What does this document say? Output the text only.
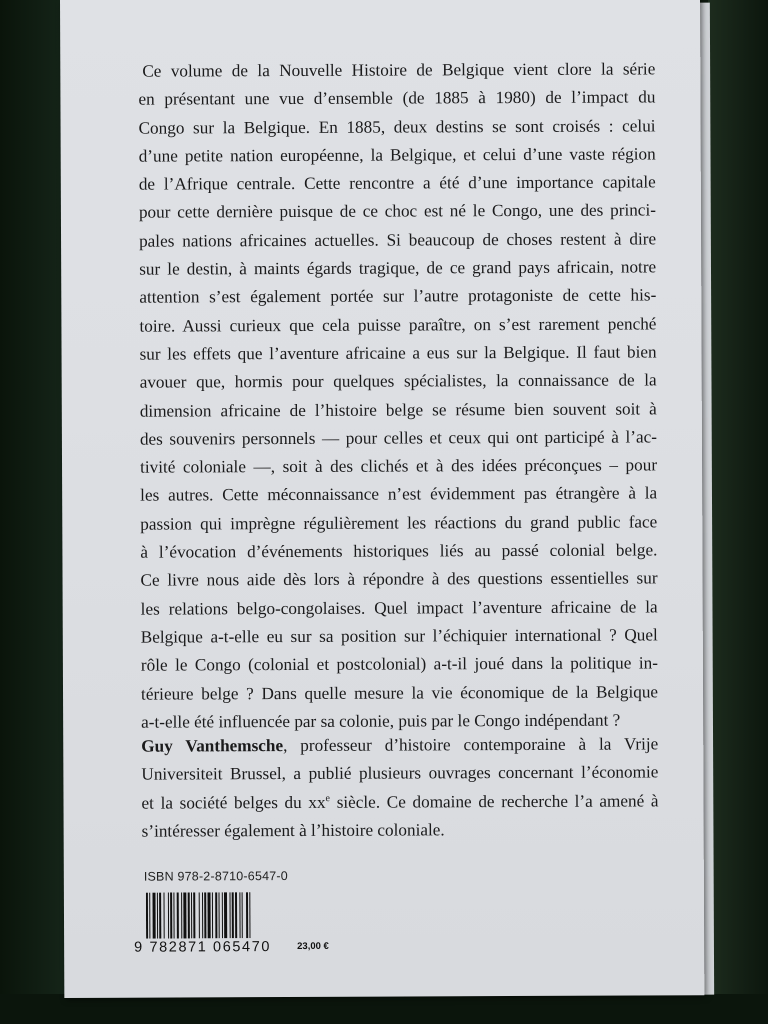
Ce volume de la Nouvelle Histoire de Belgique vient clore la série
en présentant une vue d’ensemble (de 1885 à 1980) de l’impact du
Congo sur la Belgique. En 1885, deux destins se sont croisés : celui
d’une petite nation européenne, la Belgique, et celui d’une vaste région
de l’Afrique centrale. Cette rencontre a été d’une importance capitale
pour cette dernière puisque de ce choc est né le Congo, une des princi-
pales nations africaines actuelles. Si beaucoup de choses restent à dire
sur le destin, à maints égards tragique, de ce grand pays africain, notre
attention s’est également portée sur l’autre protagoniste de cette his-
toire. Aussi curieux que cela puisse paraître, on s’est rarement penché
sur les effets que l’aventure africaine a eus sur la Belgique. Il faut bien
avouer que, hormis pour quelques spécialistes, la connaissance de la
dimension africaine de l’histoire belge se résume bien souvent soit à
des souvenirs personnels — pour celles et ceux qui ont participé à l’ac-
tivité coloniale —, soit à des clichés et à des idées préconçues – pour
les autres. Cette méconnaissance n’est évidemment pas étrangère à la
passion qui imprègne régulièrement les réactions du grand public face
à l’évocation d’événements historiques liés au passé colonial belge.
Ce livre nous aide dès lors à répondre à des questions essentielles sur
les relations belgo-congolaises. Quel impact l’aventure africaine de la
Belgique a-t-elle eu sur sa position sur l’échiquier international ? Quel
rôle le Congo (colonial et postcolonial) a-t-il joué dans la politique in-
térieure belge ? Dans quelle mesure la vie économique de la Belgique
a-t-elle été influencée par sa colonie, puis par le Congo indépendant ?
Guy Vanthemsche, professeur d’histoire contemporaine à la Vrije
Universiteit Brussel, a publié plusieurs ouvrages concernant l’économie
et la société belges du $xx^e$ siècle. Ce domaine de recherche l’a amené à
s’intéresser également à l’histoire coloniale.
ISBN 978-2-8710-6547-0
9 782871 065470	23,00 €
